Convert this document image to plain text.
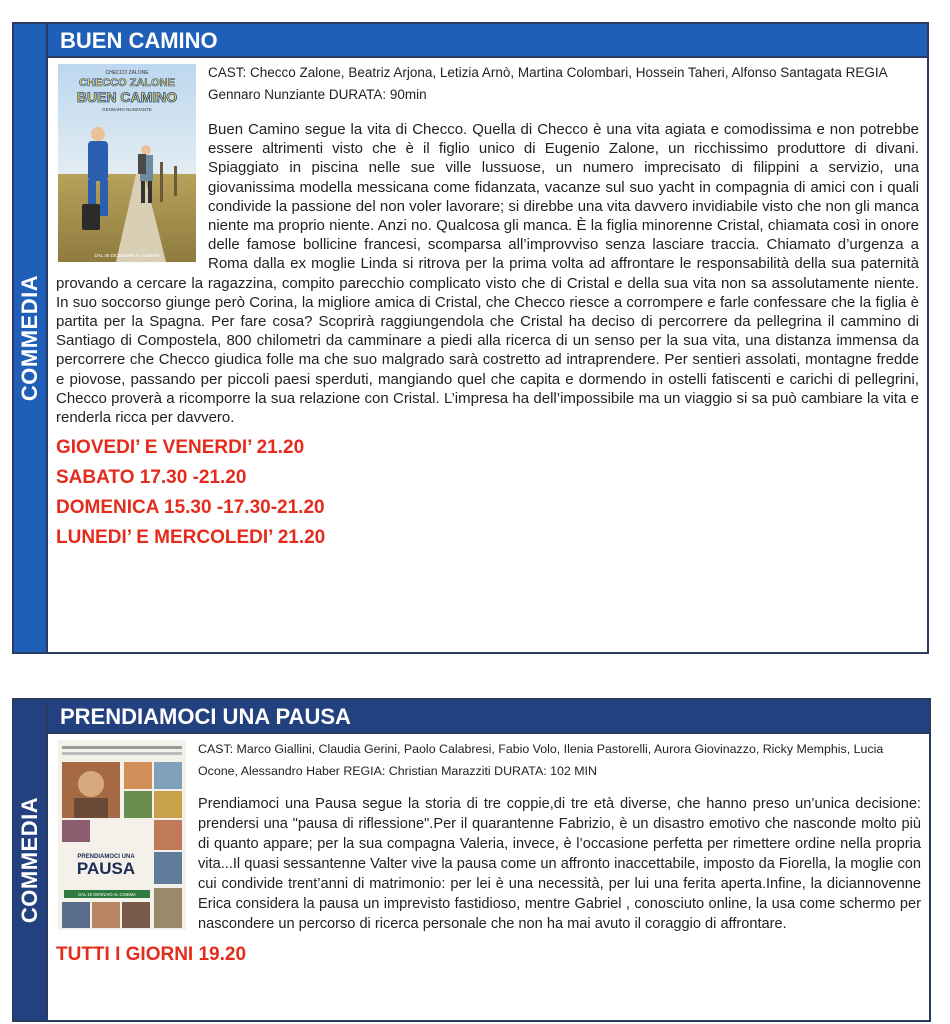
COMMEDIA
BUEN CAMINO
CHECCO ZALONE
CHECCO ZALONE
BUEN CAMINO
GENNARO NUNZIANTE
DAL 25 DICEMBRE AL CINEMA

CAST: Checco Zalone, Beatriz Arjona, Letizia Arnò, Martina Colombari, Hossein Taheri, Alfonso Santagata REGIA Gennaro Nunziante DURATA: 90min

Buen Camino segue la vita di Checco. Quella di Checco è una vita agiata e comodissima e non potrebbe essere altrimenti visto che è il figlio unico di Eugenio Zalone, un ricchissimo produttore di divani. Spiaggiato in piscina nelle sue ville lussuose, un numero imprecisato di filippini a servizio, una giovanissima modella messicana come fidanzata, vacanze sul suo yacht in compagnia di amici con i quali condivide la passione del non voler lavorare; si direbbe una vita davvero invidiabile visto che non gli manca niente ma proprio niente. Anzi no. Qualcosa gli manca. È la figlia minorenne Cristal, chiamata così in onore delle famose bollicine francesi, scomparsa all’improvviso senza lasciare traccia. Chiamato d’urgenza a Roma dalla ex moglie Linda si ritrova per la prima volta ad affrontare le responsabilità della sua paternità provando a cercare la ragazzina, compito parecchio complicato visto che di Cristal e della sua vita non sa assolutamente niente. In suo soccorso giunge però Corina, la migliore amica di Cristal, che Checco riesce a corrompere e farle confessare che la figlia è partita per la Spagna. Per fare cosa? Scoprirà raggiungendola che Cristal ha deciso di percorrere da pellegrina il cammino di Santiago di Compostela, 800 chilometri da camminare a piedi alla ricerca di un senso per la sua vita, una distanza immensa da percorrere che Checco giudica folle ma che suo malgrado sarà costretto ad intraprendere. Per sentieri assolati, montagne fredde e piovose, passando per piccoli paesi sperduti, mangiando quel che capita e dormendo in ostelli fatiscenti e carichi di pellegrini, Checco proverà a ricomporre la sua relazione con Cristal. L’impresa ha dell’impossibile ma un viaggio si sa può cambiare la vita e renderla ricca per davvero.

GIOVEDI’ E VENERDI’ 21.20
SABATO 17.30 -21.20
DOMENICA 15.30 -17.30-21.20
LUNEDI’ E MERCOLEDI’ 21.20
COMMEDIA
PRENDIAMOCI UNA PAUSA
PRENDIAMOCI UNA
PAUSA
DAL 15 GENNAIO AL CINEMA

CAST: Marco Giallini, Claudia Gerini, Paolo Calabresi, Fabio Volo, Ilenia Pastorelli, Aurora Giovinazzo, Ricky Memphis, Lucia Ocone, Alessandro Haber REGIA: Christian Marazziti DURATA: 102 MIN

Prendiamoci una Pausa segue la storia di tre coppie,di tre età diverse, che hanno preso un’unica decisione: prendersi una "pausa di riflessione".Per il quarantenne Fabrizio, è un disastro emotivo che nasconde molto più di quanto appare; per la sua compagna Valeria, invece, è l’occasione perfetta per rimettere ordine nella propria vita...Il quasi sessantenne Valter vive la pausa come un affronto inaccettabile, imposto da Fiorella, la moglie con cui condivide trent’anni di matrimonio: per lei è una necessità, per lui una ferita aperta.Infine, la diciannovenne Erica considera la pausa un imprevisto fastidioso, mentre Gabriel , conosciuto online, la usa come schermo per nascondere un percorso di ricerca personale che non ha mai avuto il coraggio di affrontare.

TUTTI I GIORNI 19.20
